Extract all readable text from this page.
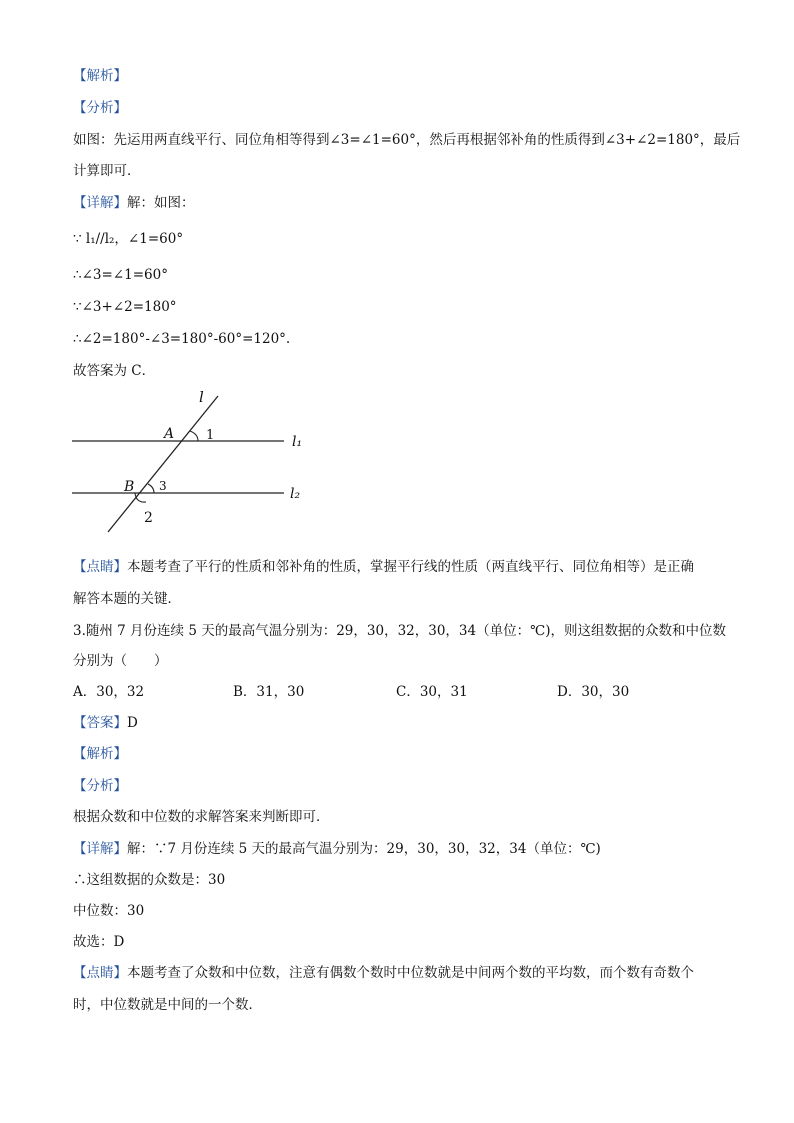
【解析】
【分析】
如图：先运用两直线平行、同位角相等得到∠3=∠1=60°，然后再根据邻补角的性质得到∠3+∠2=180°，最后
计算即可．
【详解】解：如图：
∵ l₁//l₂，∠1=60°
∴∠3=∠1=60°
∵∠3+∠2=180°
∴∠2=180°-∠3=180°-60°=120°.
故答案为 C．
l
A 1	l₁
B 3	l₂
2
【点睛】本题考查了平行的性质和邻补角的性质，掌握平行线的性质（两直线平行、同位角相等）是正确
解答本题的关键．
3.随州 7 月份连续 5 天的最高气温分别为：29，30，32，30，34（单位：℃)，则这组数据的众数和中位数
分别为（　　）
A．30，32	B．31，30	C．30，31	D．30，30
【答案】D
【解析】
【分析】
根据众数和中位数的求解答案来判断即可．
【详解】解：∵7 月份连续 5 天的最高气温分别为：29，30，30，32，34（单位：℃)
∴这组数据的众数是：30
中位数：30
故选：D
【点睛】本题考查了众数和中位数，注意有偶数个数时中位数就是中间两个数的平均数，而个数有奇数个
时，中位数就是中间的一个数．
